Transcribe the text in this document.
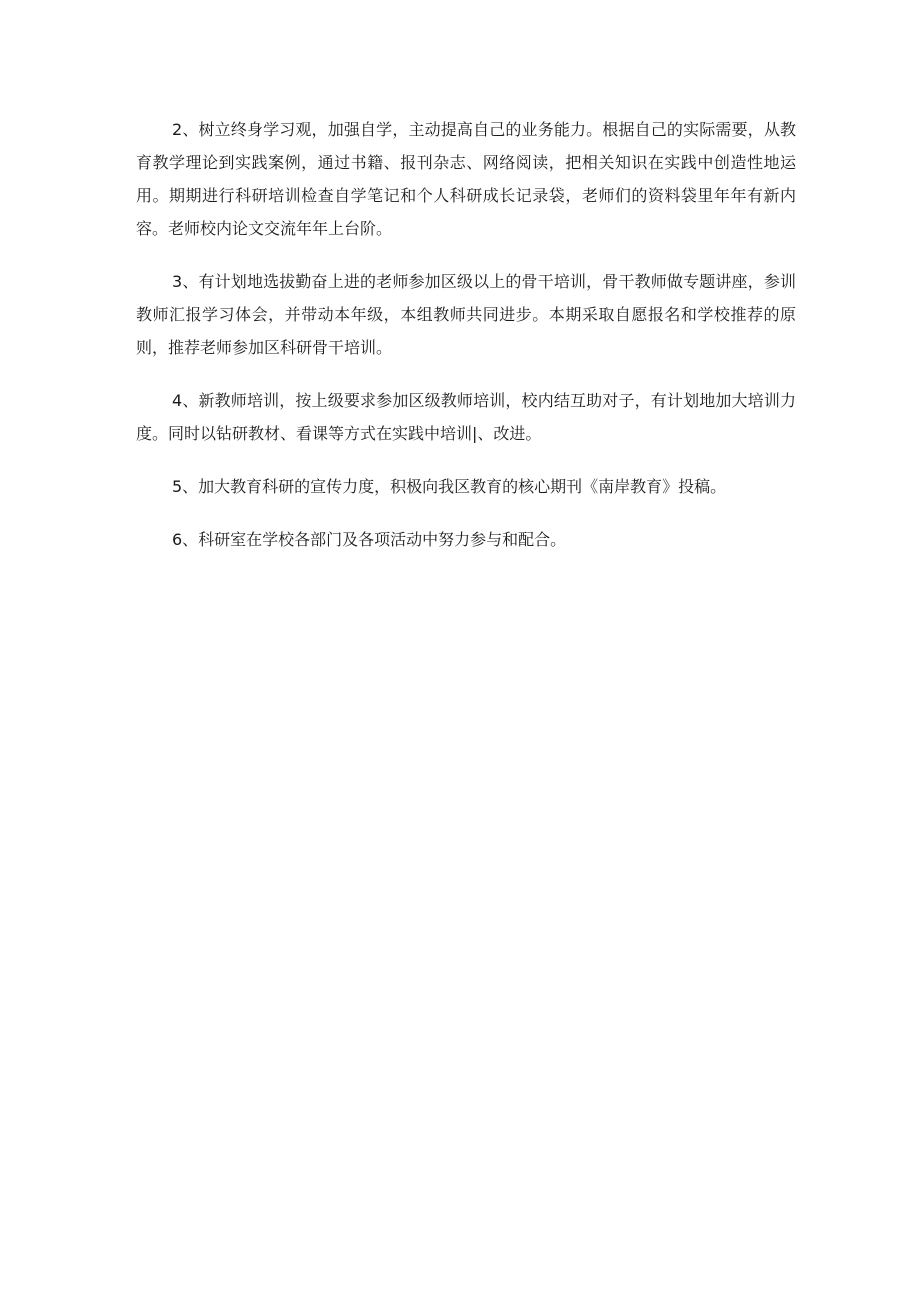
2、树立终身学习观，加强自学，主动提高自己的业务能力。根据自己的实际需要，从教育教学理论到实践案例，通过书籍、报刊杂志、网络阅读，把相关知识在实践中创造性地运用。期期进行科研培训检查自学笔记和个人科研成长记录袋，老师们的资料袋里年年有新内容。老师校内论文交流年年上台阶。

3、有计划地选拔勤奋上进的老师参加区级以上的骨干培训，骨干教师做专题讲座，参训教师汇报学习体会，并带动本年级，本组教师共同进步。本期采取自愿报名和学校推荐的原则，推荐老师参加区科研骨干培训。

4、新教师培训，按上级要求参加区级教师培训，校内结互助对子，有计划地加大培训力度。同时以钻研教材、看课等方式在实践中培训|、改进。

5、加大教育科研的宣传力度，积极向我区教育的核心期刊《南岸教育》投稿。

6、科研室在学校各部门及各项活动中努力参与和配合。
